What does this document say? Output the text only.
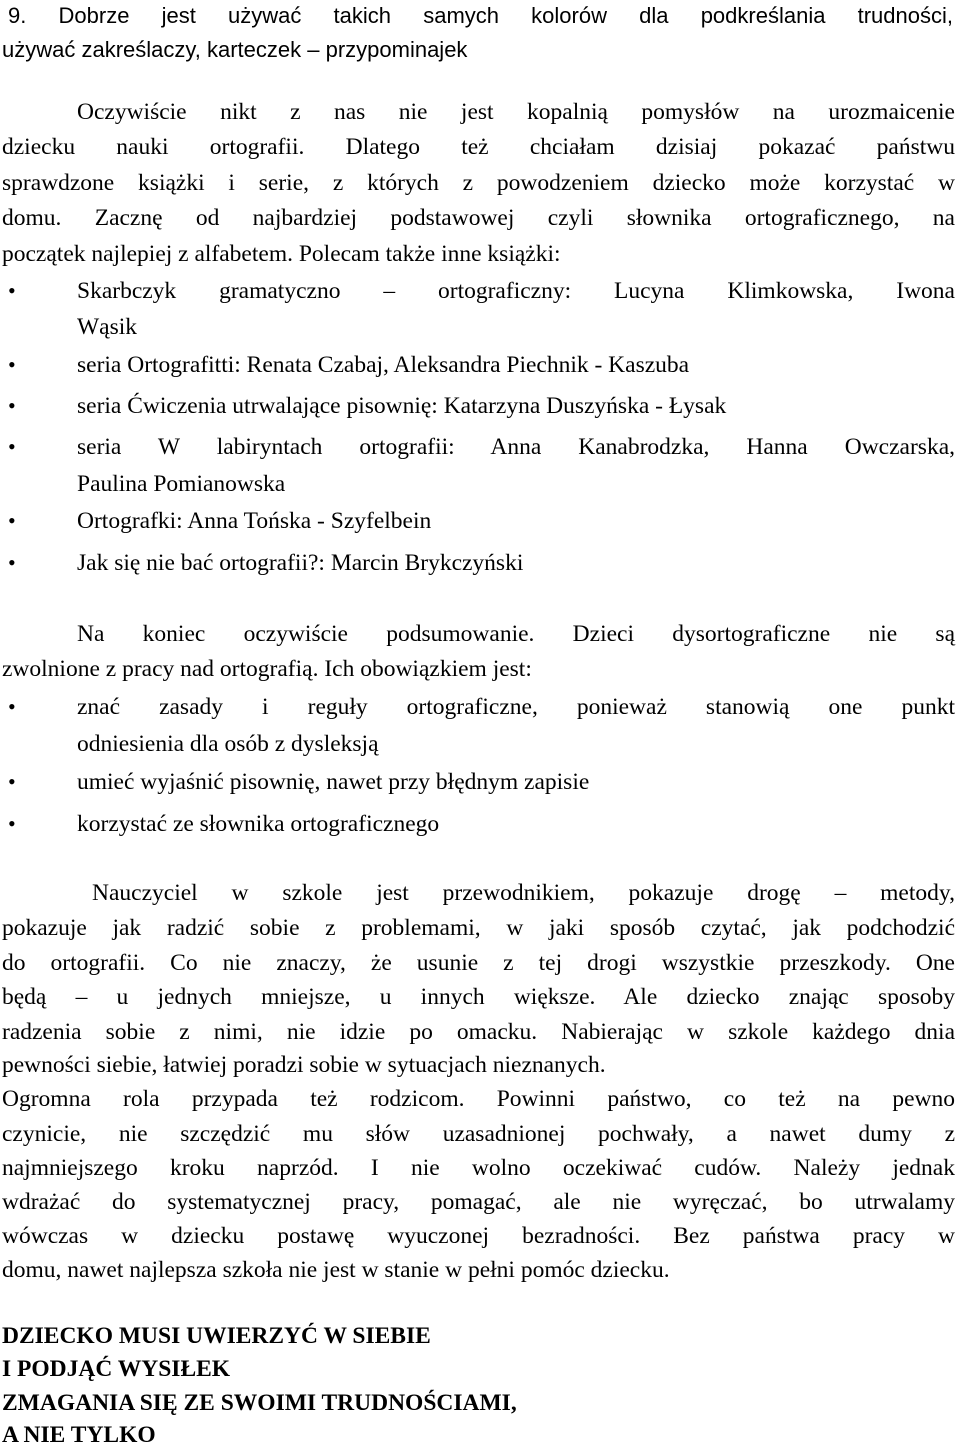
9. Dobrze jest używać takich samych kolorów dla podkreślania trudności,
używać zakreślaczy, karteczek – przypominajek
Oczywiście nikt z nas nie jest kopalnią pomysłów na urozmaicenie
dziecku nauki ortografii. Dlatego też chciałam dzisiaj pokazać państwu
sprawdzone książki i serie, z których z powodzeniem dziecko może korzystać w
domu. Zacznę od najbardziej podstawowej czyli słownika ortograficznego, na
początek najlepiej z alfabetem. Polecam także inne książki:
•	Skarbczyk gramatyczno – ortograficzny: Lucyna Klimkowska, Iwona
Wąsik
•	seria Ortografitti: Renata Czabaj, Aleksandra Piechnik - Kaszuba
•	seria Ćwiczenia utrwalające pisownię: Katarzyna Duszyńska - Łysak
•	seria W labiryntach ortografii: Anna Kanabrodzka, Hanna Owczarska,
Paulina Pomianowska
•	Ortografki: Anna Tońska - Szyfelbein
•	Jak się nie bać ortografii?: Marcin Brykczyński
Na koniec oczywiście podsumowanie. Dzieci dysortograficzne nie są
zwolnione z pracy nad ortografią. Ich obowiązkiem jest:
•	znać zasady i reguły ortograficzne, ponieważ stanowią one punkt
odniesienia dla osób z dysleksją
•	umieć wyjaśnić pisownię, nawet przy błędnym zapisie
•	korzystać ze słownika ortograficznego
Nauczyciel w szkole jest przewodnikiem, pokazuje drogę – metody,
pokazuje jak radzić sobie z problemami, w jaki sposób czytać, jak podchodzić
do ortografii. Co nie znaczy, że usunie z tej drogi wszystkie przeszkody. One
będą – u jednych mniejsze, u innych większe. Ale dziecko znając sposoby
radzenia sobie z nimi, nie idzie po omacku. Nabierając w szkole każdego dnia
pewności siebie, łatwiej poradzi sobie w sytuacjach nieznanych.
Ogromna rola przypada też rodzicom. Powinni państwo, co też na pewno
czynicie, nie szczędzić mu słów uzasadnionej pochwały, a nawet dumy z
najmniejszego kroku naprzód. I nie wolno oczekiwać cudów. Należy jednak
wdrażać do systematycznej pracy, pomagać, ale nie wyręczać, bo utrwalamy
wówczas w dziecku postawę wyuczonej bezradności. Bez państwa pracy w
domu, nawet najlepsza szkoła nie jest w stanie w pełni pomóc dziecku.
DZIECKO MUSI UWIERZYĆ W SIEBIE
I PODJĄĆ WYSIŁEK
ZMAGANIA SIĘ ZE SWOIMI TRUDNOŚCIAMI,
A NIE TYLKO
